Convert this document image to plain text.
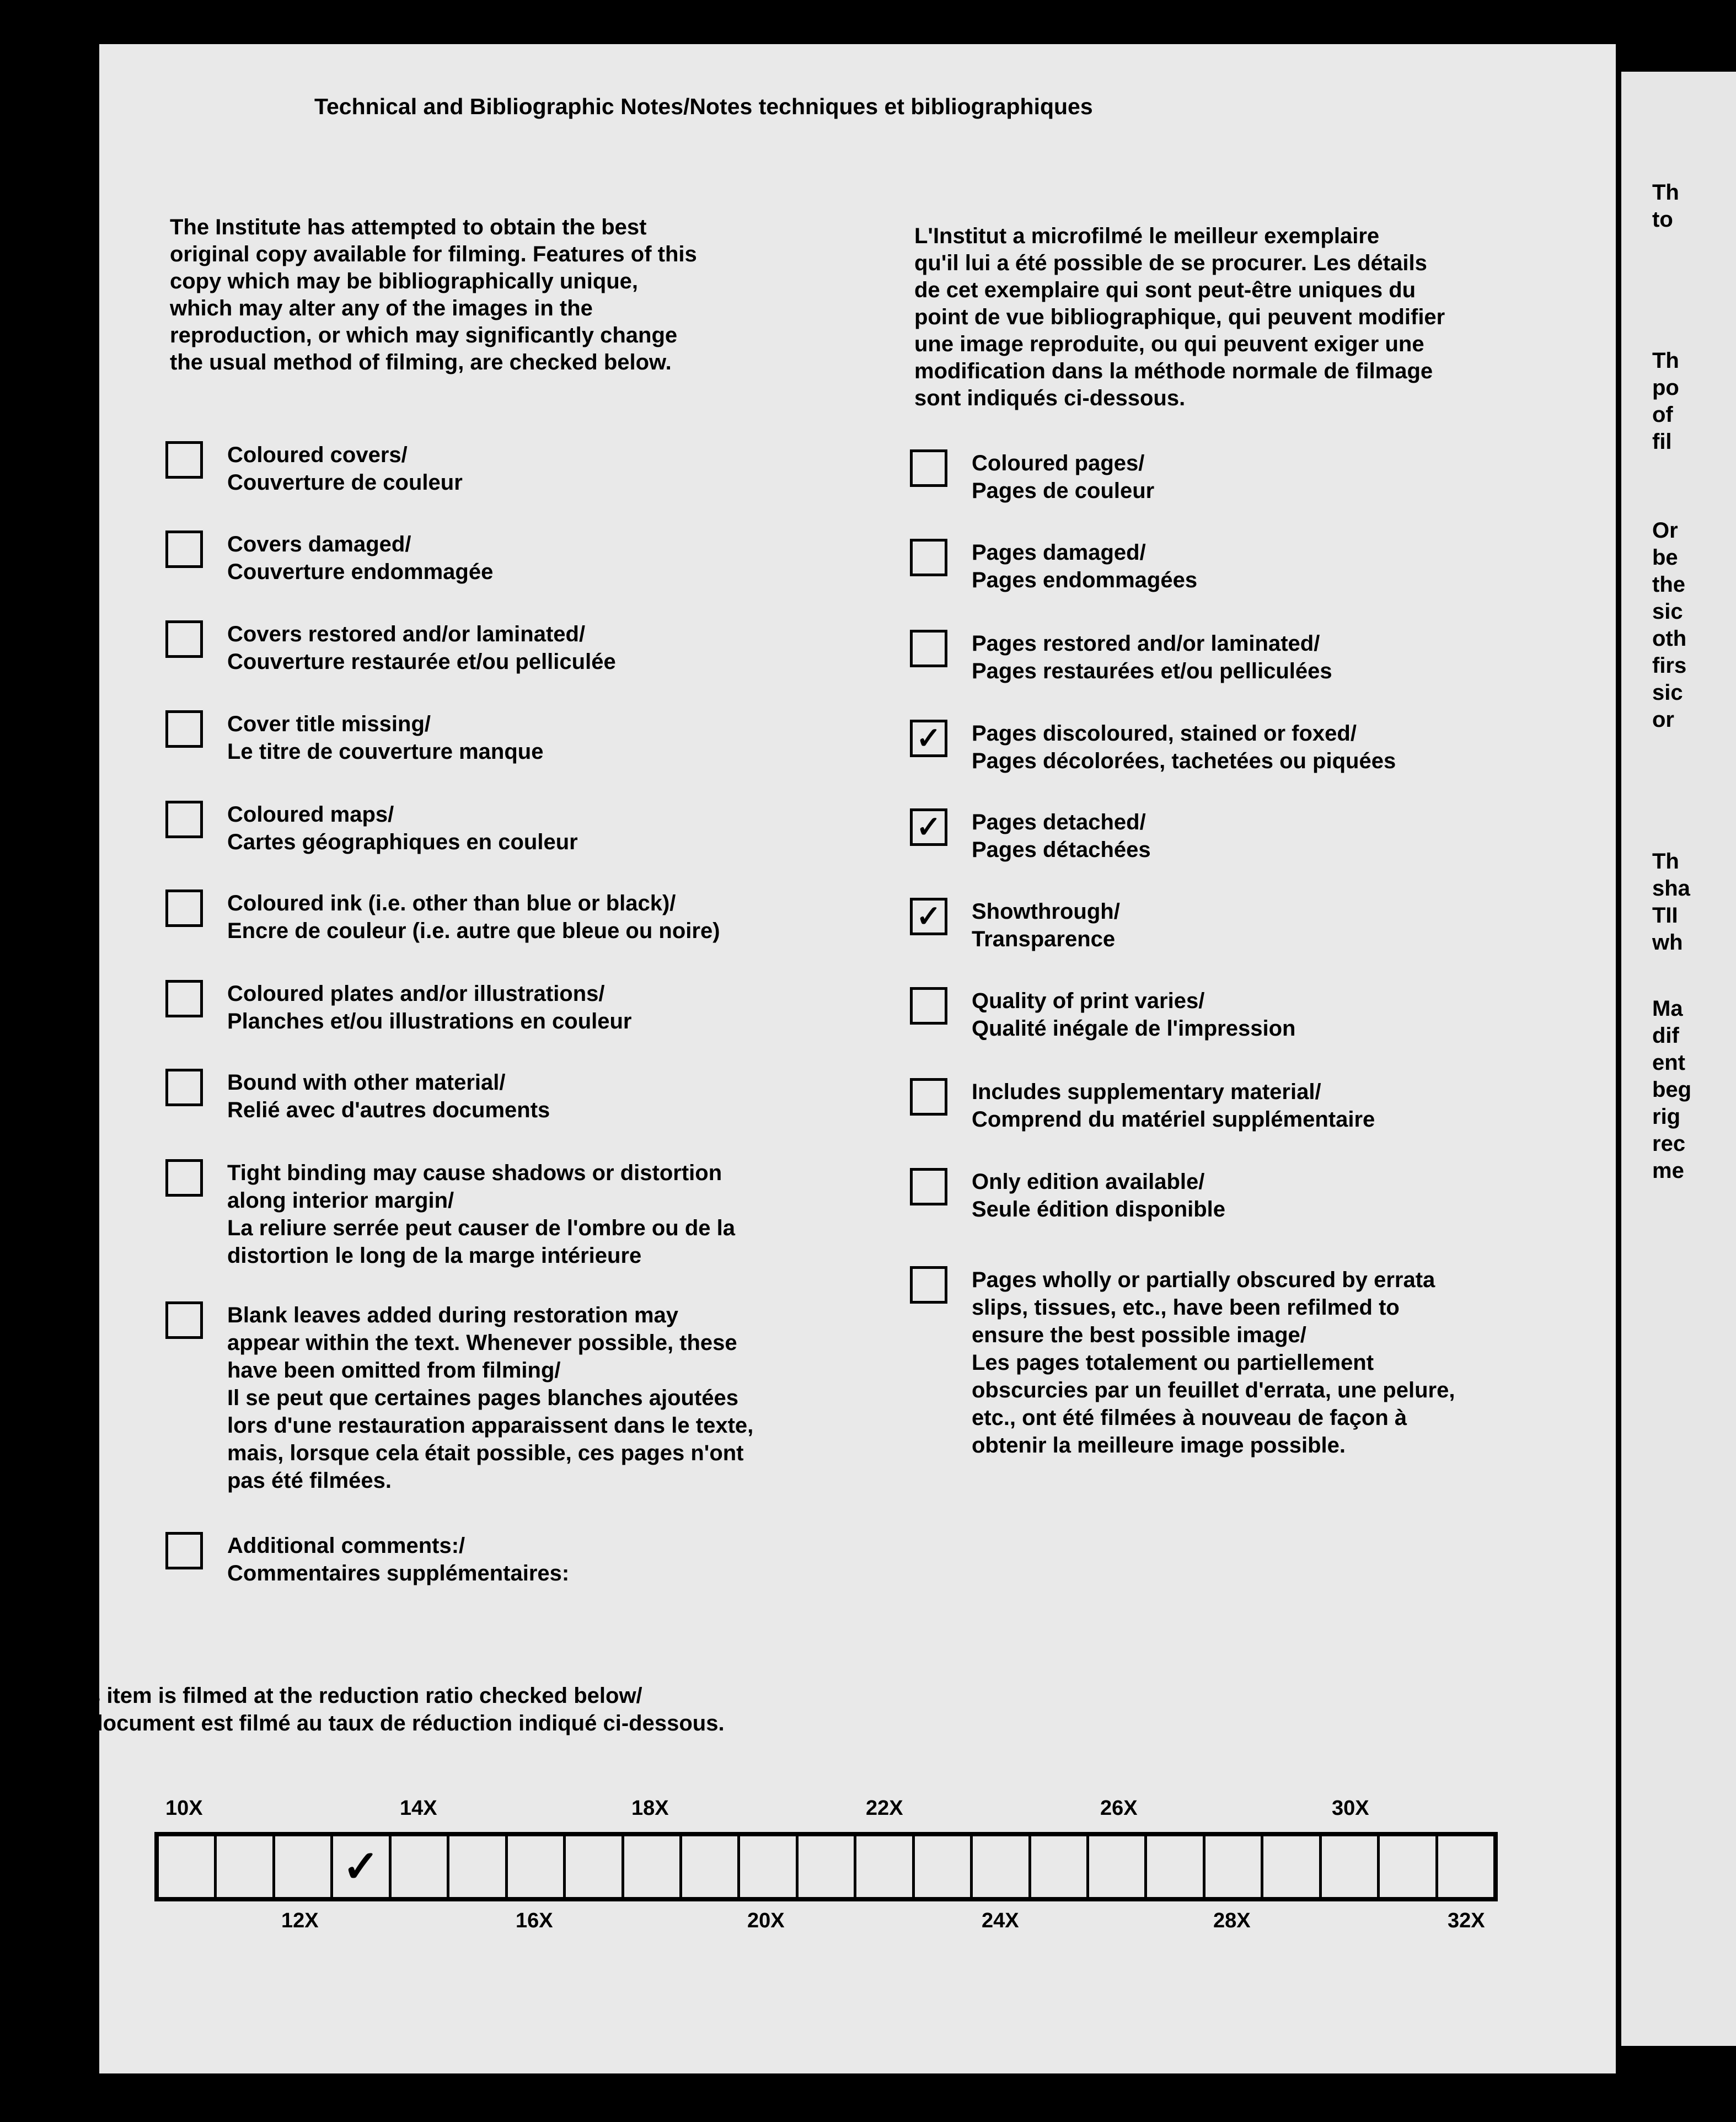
Technical and Bibliographic Notes/Notes techniques et bibliographiques
The Institute has attempted to obtain the best
original copy available for filming. Features of this
copy which may be bibliographically unique,
which may alter any of the images in the
reproduction, or which may significantly change
the usual method of filming, are checked below.
L'Institut a microfilmé le meilleur exemplaire
qu'il lui a été possible de se procurer. Les détails
de cet exemplaire qui sont peut-être uniques du
point de vue bibliographique, qui peuvent modifier
une image reproduite, ou qui peuvent exiger une
modification dans la méthode normale de filmage
sont indiqués ci-dessous.
Coloured covers/
Couverture de couleur
Covers damaged/
Couverture endommagée
Covers restored and/or laminated/
Couverture restaurée et/ou pelliculée
Cover title missing/
Le titre de couverture manque
Coloured maps/
Cartes géographiques en couleur
Coloured ink (i.e. other than blue or black)/
Encre de couleur (i.e. autre que bleue ou noire)
Coloured plates and/or illustrations/
Planches et/ou illustrations en couleur
Bound with other material/
Relié avec d'autres documents
Tight binding may cause shadows or distortion
along interior margin/
La reliure serrée peut causer de l'ombre ou de la
distortion le long de la marge intérieure
Blank leaves added during restoration may
appear within the text. Whenever possible, these
have been omitted from filming/
Il se peut que certaines pages blanches ajoutées
lors d'une restauration apparaissent dans le texte,
mais, lorsque cela était possible, ces pages n'ont
pas été filmées.
Additional comments:/
Commentaires supplémentaires:
Coloured pages/
Pages de couleur
Pages damaged/
Pages endommagées
Pages restored and/or laminated/
Pages restaurées et/ou pelliculées
✓ Pages discoloured, stained or foxed/
Pages décolorées, tachetées ou piquées
✓ Pages detached/
Pages détachées
✓ Showthrough/
Transparence
Quality of print varies/
Qualité inégale de l'impression
Includes supplementary material/
Comprend du matériel supplémentaire
Only edition available/
Seule édition disponible
Pages wholly or partially obscured by errata
slips, tissues, etc., have been refilmed to
ensure the best possible image/
Les pages totalement ou partiellement
obscurcies par un feuillet d'errata, une pelure,
etc., ont été filmées à nouveau de façon à
obtenir la meilleure image possible.
This item is filmed at the reduction ratio checked below/
Ce document est filmé au taux de réduction indiqué ci-dessous.
10X	14X	18X	22X	26X	30X
12X	16X	20X	24X	28X	32X
✓
Th
to
Th
po
of
fil
Or
be
the
sic
oth
firs
sic
or
Th
sha
TII
wh
Ma
dif
ent
beg
rig
rec
me
